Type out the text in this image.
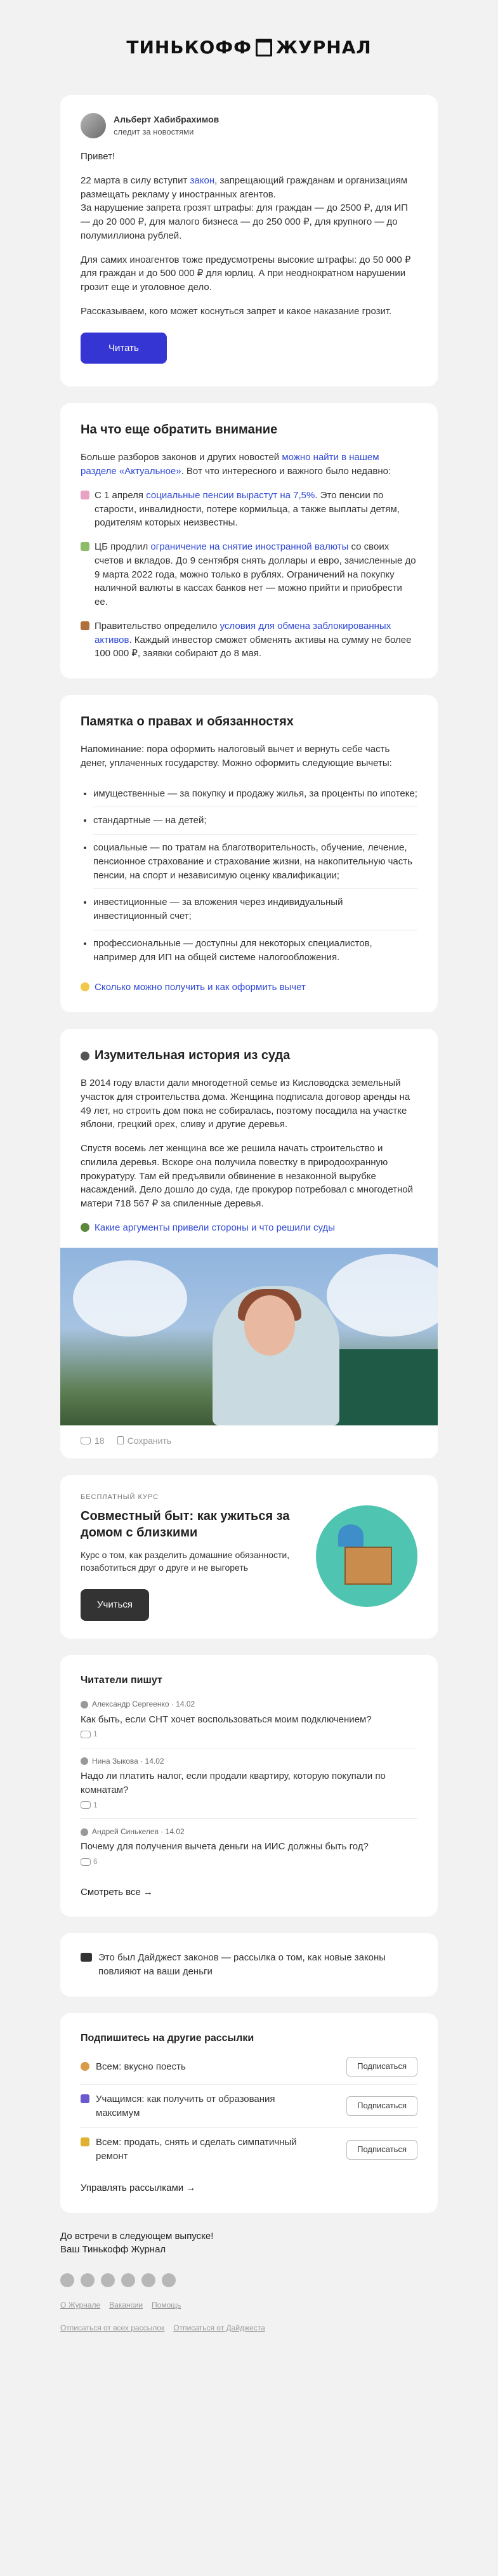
ТИНЬКОФФ ЖУРНАЛ
Альберт Хабибрахимов
следит за новостями

Привет!

22 марта в силу вступит закон, запрещающий гражданам и организациям размещать рекламу у иностранных агентов.
За нарушение запрета грозят штрафы: для граждан — до 2500 ₽, для ИП — до 20 000 ₽, для малого бизнеса — до 250 000 ₽, для крупного — до полумиллиона рублей.

Для самих иноагентов тоже предусмотрены высокие штрафы: до 50 000 ₽ для граждан и до 500 000 ₽ для юрлиц. А при неоднократном нарушении грозит еще и уголовное дело.

Рассказываем, кого может коснуться запрет и какое наказание грозит.

Читать
На что еще обратить внимание

Больше разборов законов и других новостей можно найти в нашем разделе «Актуальное». Вот что интересного и важного было недавно:

С 1 апреля социальные пенсии вырастут на 7,5%. Это пенсии по старости, инвалидности, потере кормильца, а также выплаты детям, родителям которых неизвестны.
ЦБ продлил ограничение на снятие иностранной валюты со своих счетов и вкладов. До 9 сентября снять доллары и евро, зачисленные до 9 марта 2022 года, можно только в рублях. Ограничений на покупку наличной валюты в кассах банков нет — можно прийти и приобрести ее.
Правительство определило условия для обмена заблокированных активов. Каждый инвестор сможет обменять активы на сумму не более 100 000 ₽, заявки собирают до 8 мая.
Памятка о правах и обязанностях

Напоминание: пора оформить налоговый вычет и вернуть себе часть денег, уплаченных государству. Можно оформить следующие вычеты:

• имущественные — за покупку и продажу жилья, за проценты по ипотеке;
• стандартные — на детей;
• социальные — по тратам на благотворительность, обучение, лечение, пенсионное страхование и страхование жизни, на накопительную часть пенсии, на спорт и независимую оценку квалификации;
• инвестиционные — за вложения через индивидуальный инвестиционный счет;
• профессиональные — доступны для некоторых специалистов, например для ИП на общей системе налогообложения.
Сколько можно получить и как оформить вычет
Изумительная история из суда

В 2014 году власти дали многодетной семье из Кисловодска земельный участок для строительства дома. Женщина подписала договор аренды на 49 лет, но строить дом пока не собиралась, поэтому посадила на участке яблони, грецкий орех, сливу и другие деревья.

Спустя восемь лет женщина все же решила начать строительство и спилила деревья. Вскоре она получила повестку в природоохранную прокуратуру. Там ей предъявили обвинение в незаконной вырубке насаждений. Дело дошло до суда, где прокурор потребовал с многодетной матери 718 567 ₽ за спиленные деревья.

Какие аргументы привели стороны и что решили суды
18	Сохранить
БЕСПЛАТНЫЙ КУРС
Совместный быт: как ужиться за домом с близкими
Курс о том, как разделить домашние обязанности, позаботиться друг о друге и не выгореть
Учиться
Читатели пишут
Александр Сергеенко · 14.02
Как быть, если СНТ хочет воспользоваться моим подключением?
1
Нина Зыкова · 14.02
Надо ли платить налог, если продали квартиру, которую покупали по комнатам?
1
Андрей Синькелев · 14.02
Почему для получения вычета деньги на ИИС должны быть год?
6
Смотреть все →
Это был Дайджест законов — рассылка о том, как новые законы повлияют на ваши деньги
Подпишитесь на другие рассылки
Всем: вкусно поесть	Подписаться
Учащимся: как получить от образования максимум
Подписаться
Всем: продать, снять и сделать симпатичный ремонт
Подписаться
Управлять рассылками →
До встречи в следующем выпуске!
Ваш Тинькофф Журнал
О Журнале Вакансии Помощь
Отписаться от всех рассылок Отписаться от Дайджеста
